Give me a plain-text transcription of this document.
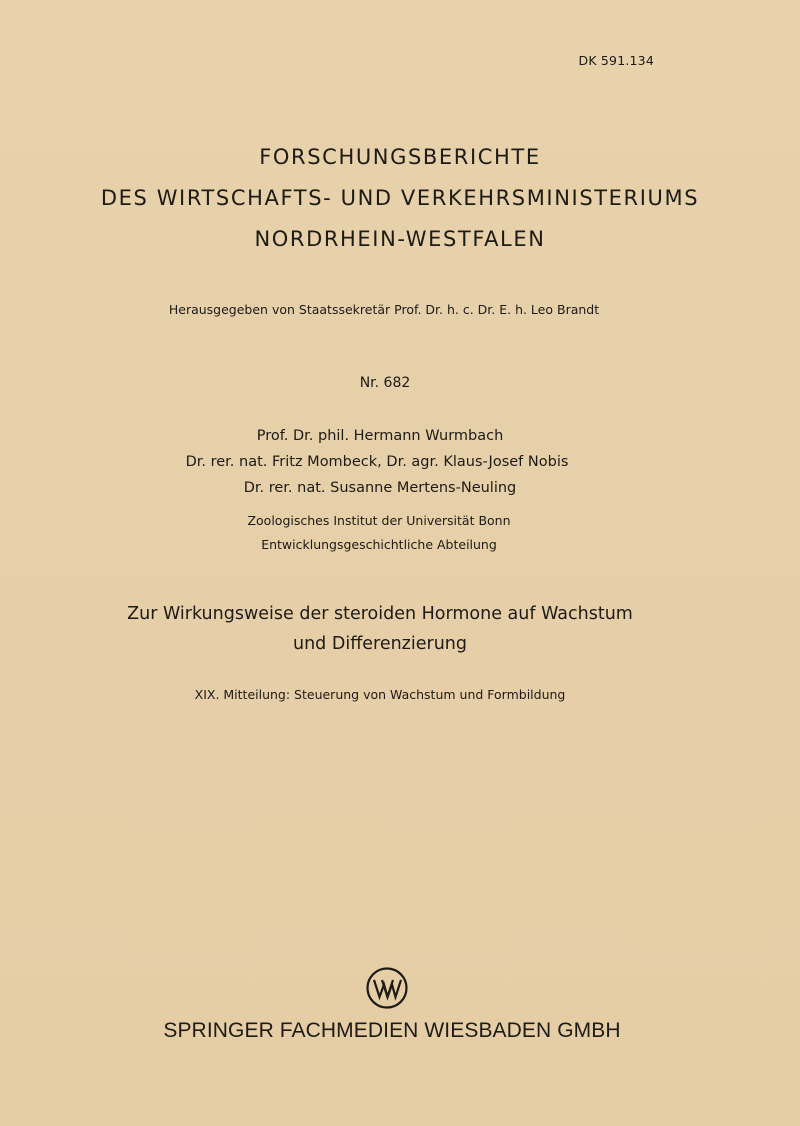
DK 591.134
FORSCHUNGSBERICHTE
DES WIRTSCHAFTS- UND VERKEHRSMINISTERIUMS
NORDRHEIN-WESTFALEN
Herausgegeben von Staatssekretär Prof. Dr. h. c. Dr. E. h. Leo Brandt
Nr. 682
Prof. Dr. phil. Hermann Wurmbach
Dr. rer. nat. Fritz Mombeck, Dr. agr. Klaus-Josef Nobis
Dr. rer. nat. Susanne Mertens-Neuling
Zoologisches Institut der Universität Bonn
Entwicklungsgeschichtliche Abteilung
Zur Wirkungsweise der steroiden Hormone auf Wachstum
und Differenzierung
XIX. Mitteilung: Steuerung von Wachstum und Formbildung
SPRINGER FACHMEDIEN WIESBADEN GMBH
